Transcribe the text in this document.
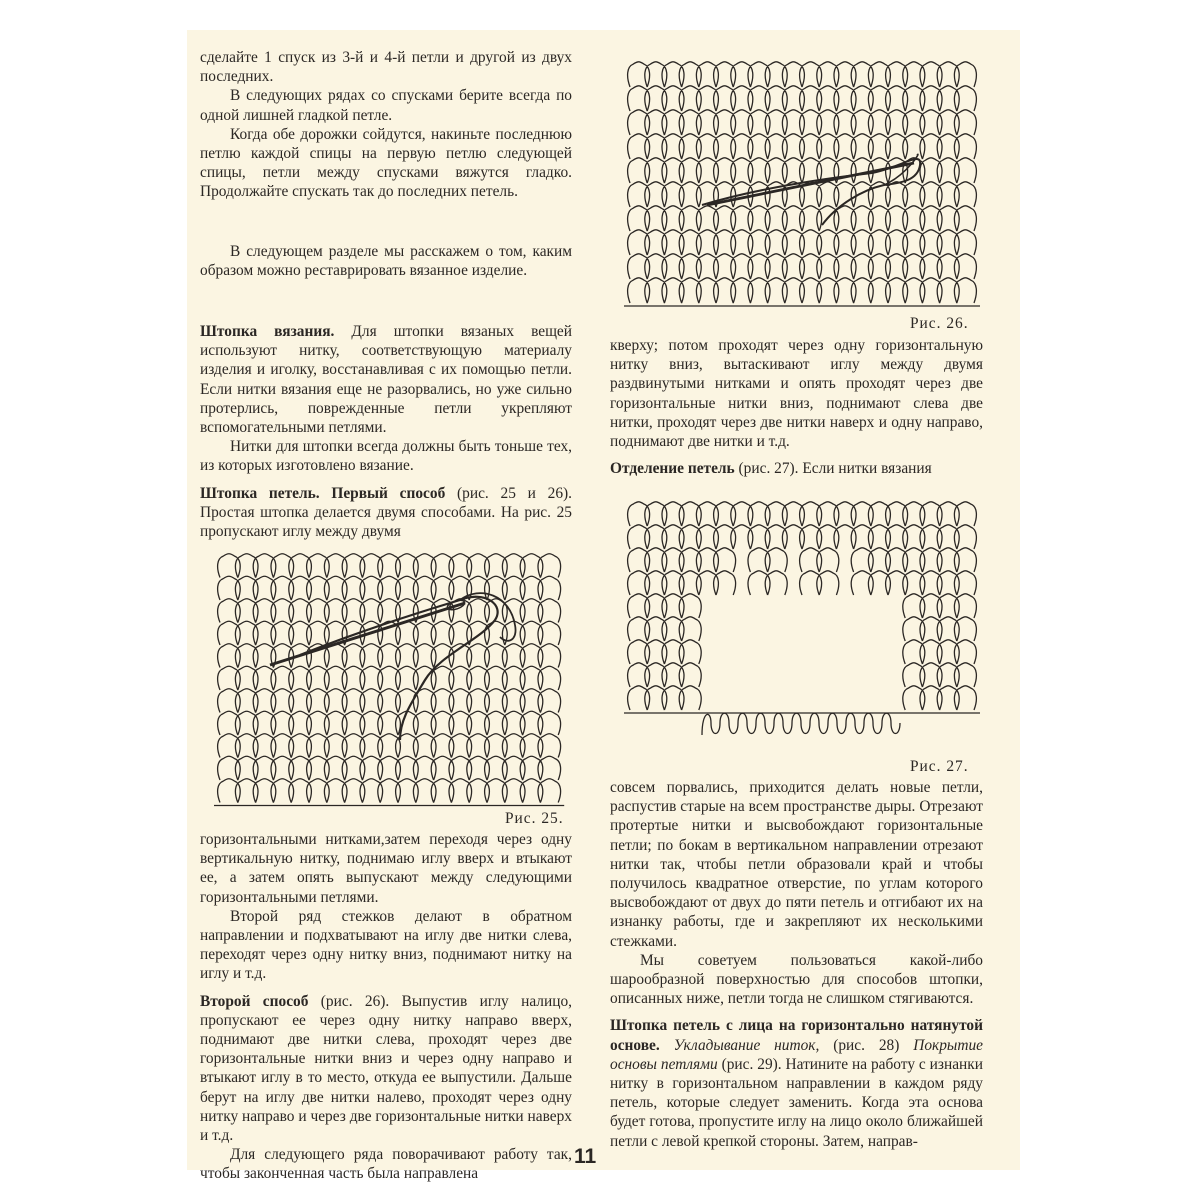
сделайте 1 спуск из 3-й и 4-й петли и другой из двух последних.

В следующих рядах со спусками берите всегда по одной лишней гладкой петле.

Когда обе дорожки сойдутся, накиньте последнюю петлю каждой спицы на первую петлю следующей спицы, петли между спусками вяжутся гладко. Продолжайте спускать так до последних петель.

В следующем разделе мы расскажем о том, каким образом можно реставрировать вязанное изделие.

Штопка вязания. Для штопки вязаных вещей используют нитку, соответствующую материалу изделия и иголку, восстанавливая с их помощью петли. Если нитки вязания еще не разорвались, но уже сильно протерлись, поврежденные петли укрепляют вспомогательными петлями.

Нитки для штопки всегда должны быть тоньше тех, из которых изготовлено вязание.

Штопка петель. Первый способ (рис. 25 и 26). Простая штопка делается двумя способами. На рис. 25 пропускают иглу между двумя

Рис. 25.

горизонтальными нитками,затем переходя через одну вертикальную нитку, поднимаю иглу вверх и втыкают ее, а затем опять выпускают между следующими горизонтальными петлями.

Второй ряд стежков делают в обратном направлении и подхватывают на иглу две нитки слева, переходят через одну нитку вниз, поднимают нитку на иглу и т.д.

Второй способ (рис. 26). Выпустив иглу налицо, пропускают ее через одну нитку направо вверх, поднимают две нитки слева, проходят через две горизонтальные нитки вниз и через одну направо и втыкают иглу в то место, откуда ее выпустили. Дальше берут на иглу две нитки налево, проходят через одну нитку направо и через две горизонтальные нитки наверх и т.д.

Для следующего ряда поворачивают работу так, чтобы законченная часть была направлена

Рис. 26.

кверху; потом проходят через одну горизонтальную нитку вниз, вытаскивают иглу между двумя раздвинутыми нитками и опять проходят через две горизонтальные нитки вниз, поднимают слева две нитки, проходят через две нитки наверх и одну направо, поднимают две нитки и т.д.

Отделение петель (рис. 27). Если нитки вязания

Рис. 27.

совсем порвались, приходится делать новые петли, распустив старые на всем пространстве дыры. Отрезают протертые нитки и высвобождают горизонтальные петли; по бокам в вертикальном направлении отрезают нитки так, чтобы петли образовали край и чтобы получилось квадратное отверстие, по углам которого высвобождают от двух до пяти петель и отгибают их на изнанку работы, где и закрепляют их несколькими стежками.

Мы советуем пользоваться какой-либо шарообразной поверхностью для способов штопки, описанных ниже, петли тогда не слишком стягиваются.

Штопка петель с лица на горизонтально натянутой основе. Укладывание ниток, (рис. 28) Покрытие основы петлями (рис. 29). Натините на работу с изнанки нитку в горизонтальном направлении в каждом ряду петель, которые следует заменить. Когда эта основа будет готова, пропустите иглу на лицо около ближайшей петли с левой крепкой стороны. Затем, направ-

11
